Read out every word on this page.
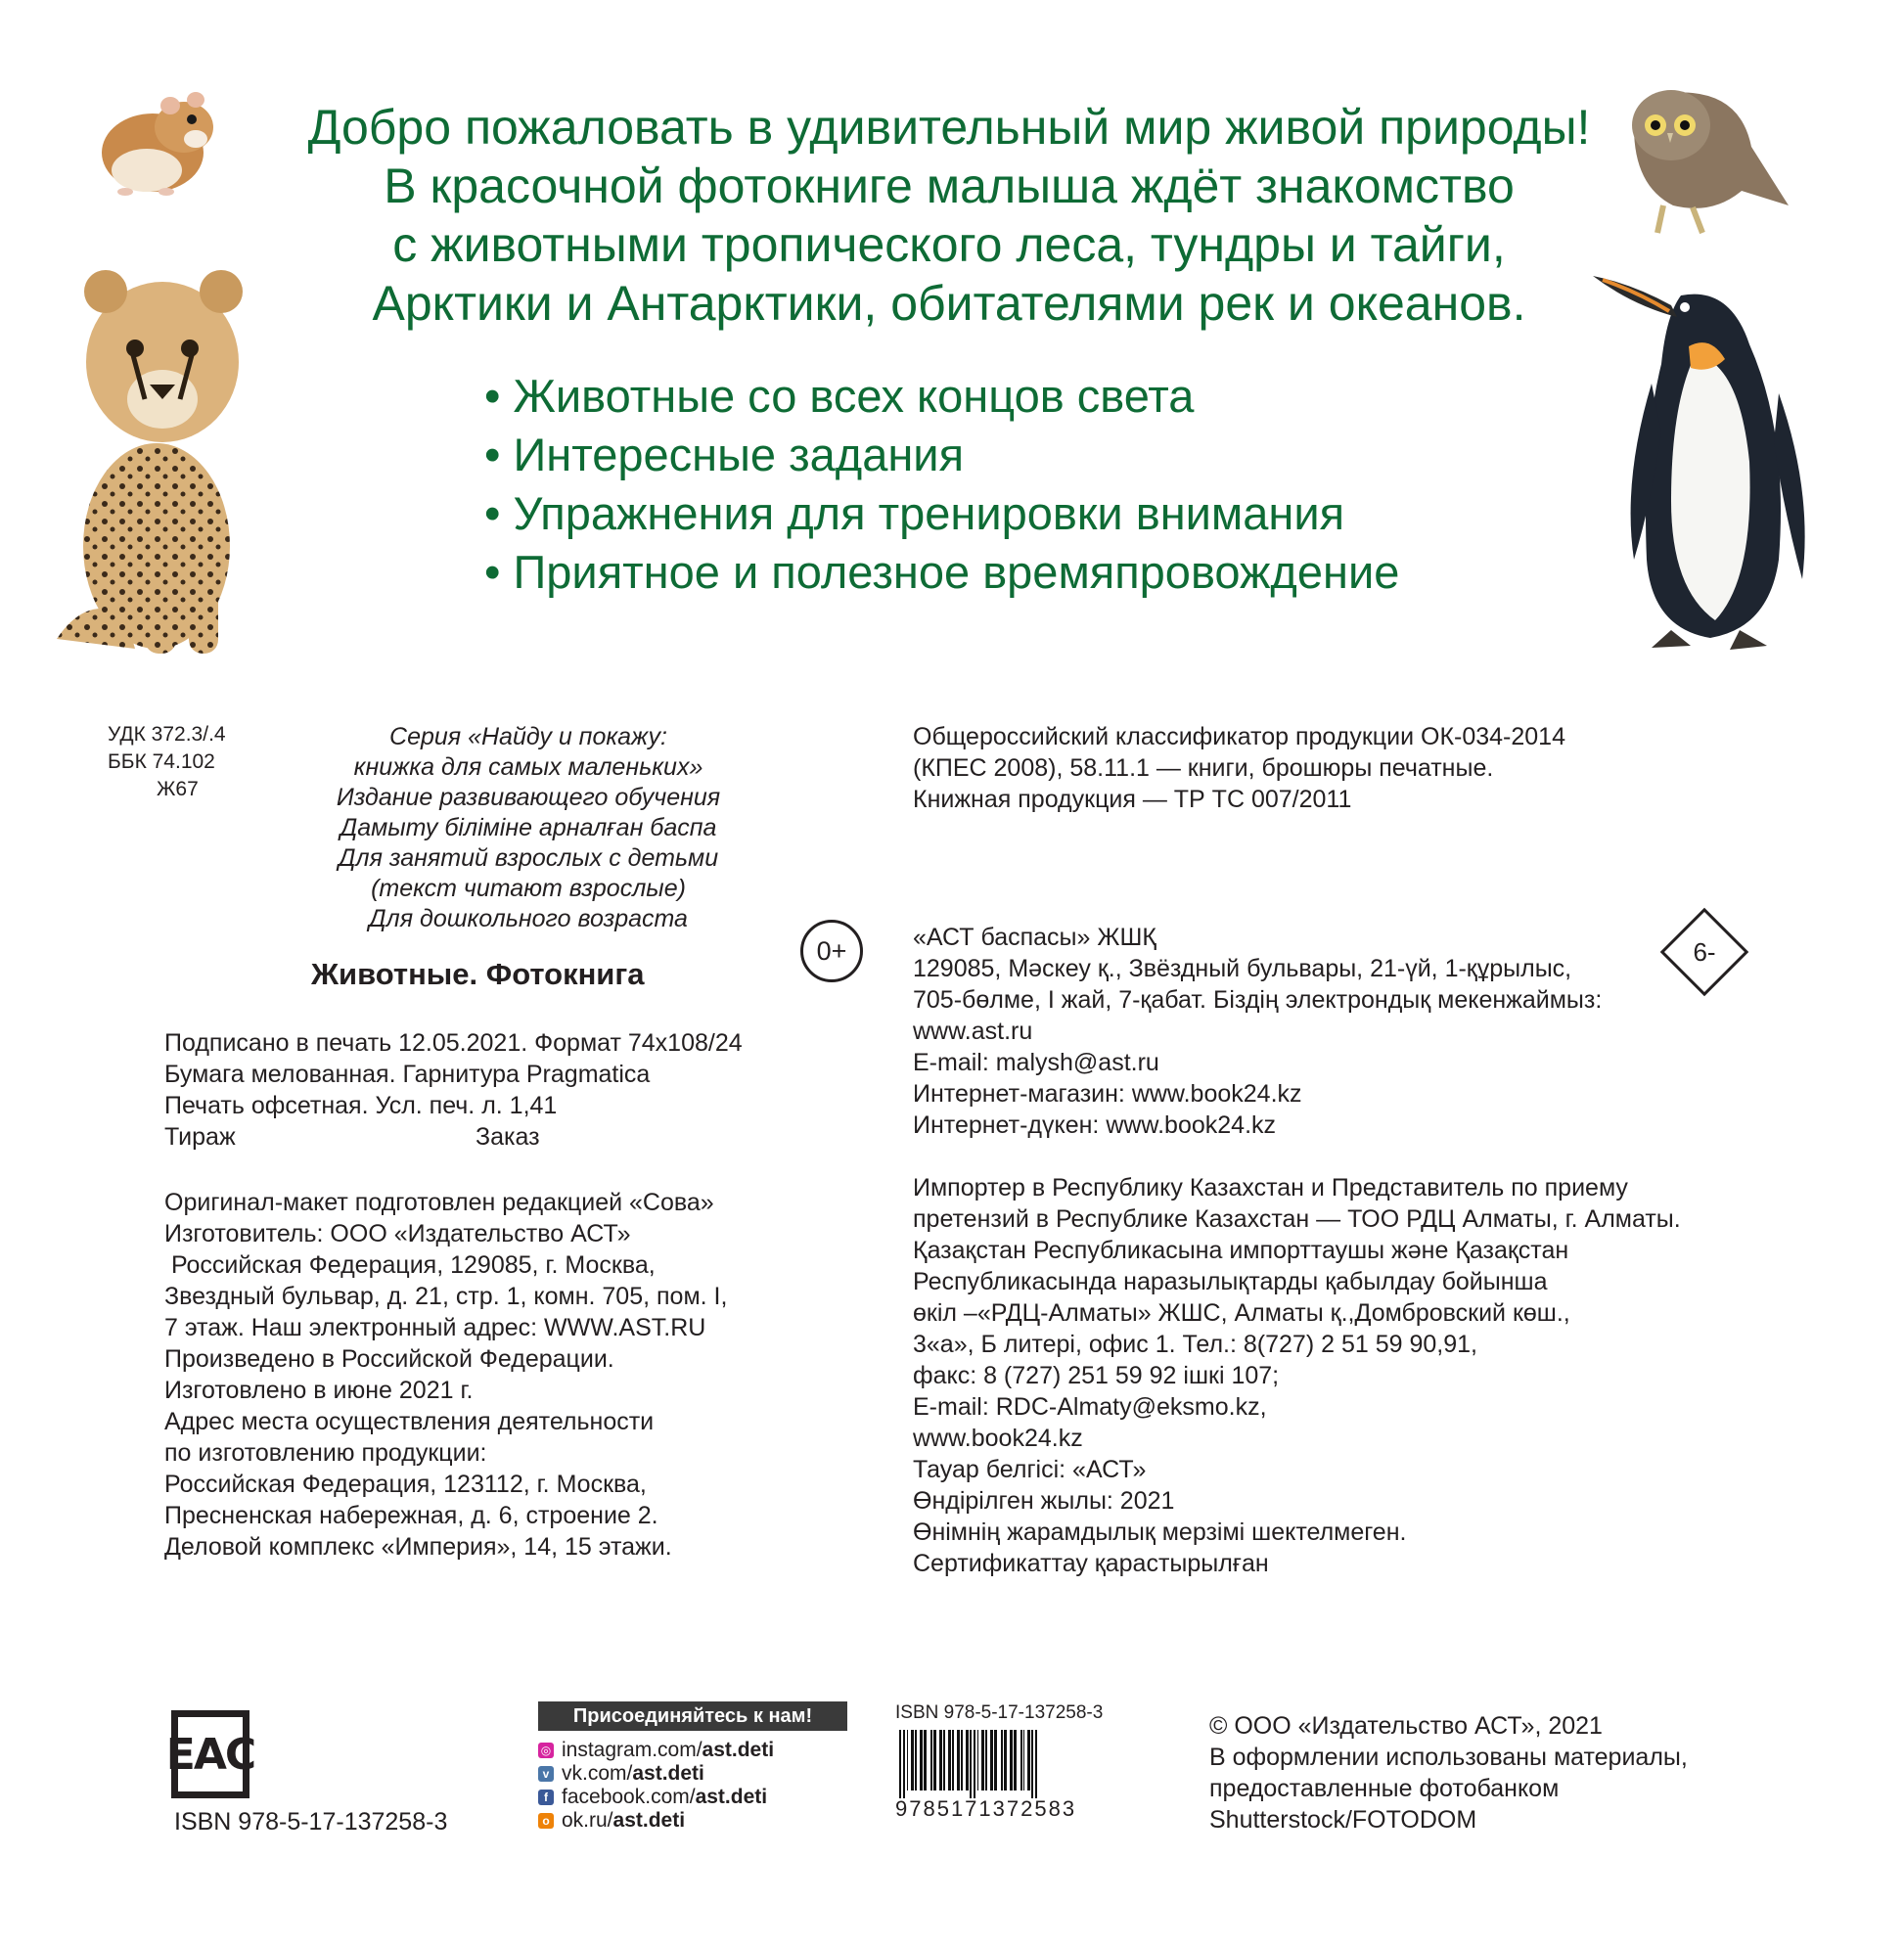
Добро пожаловать в удивительный мир живой природы!
В красочной фотокниге малыша ждёт знакомство
с животными тропического леса, тундры и тайги,
Арктики и Антарктики, обитателями рек и океанов.
• Животные со всех концов света
• Интересные задания
• Упражнения для тренировки внимания
• Приятное и полезное времяпровождение
УДК 372.3/.4
ББК 74.102
Ж67
Серия «Найду и покажу:
книжка для самых маленьких»
Издание развивающего обучения
Дамыту біліміне арналған баспа
Для занятий взрослых с детьми
(текст читают взрослые)
Для дошкольного возраста
0+
Животные. Фотокнига
Подписано в печать 12.05.2021. Формат 74x108/24
Бумага мелованная. Гарнитура Pragmatica
Печать офсетная. Усл. печ. л. 1,41
Тираж	Заказ
Оригинал-макет подготовлен редакцией «Сова»
Изготовитель: ООО «Издательство АСТ»
Российская Федерация, 129085, г. Москва,
Звездный бульвар, д. 21, стр. 1, комн. 705, пом. I,
7 этаж. Наш электронный адрес: WWW.AST.RU
Произведено в Российской Федерации.
Изготовлено в июне 2021 г.
Адрес места осуществления деятельности
по изготовлению продукции:
Российская Федерация, 123112, г. Москва,
Пресненская набережная, д. 6, строение 2.
Деловой комплекс «Империя», 14, 15 этажи.
Общероссийский классификатор продукции ОК-034-2014
(КПЕС 2008), 58.11.1 — книги, брошюры печатные.
Книжная продукция — ТР ТС 007/2011
«АСТ баспасы» ЖШҚ
129085, Мәскеу қ., Звёздный бульвары, 21-үй, 1-құрылыс,
705-бөлме, I жай, 7-қабат. Біздің электрондық мекенжаймыз:
www.ast.ru
E-mail: malysh@ast.ru
Интернет-магазин: www.book24.kz
Интернет-дүкен: www.book24.kz
6-
Импортер в Республику Казахстан и Представитель по приему
претензий в Республике Казахстан — ТОО РДЦ Алматы, г. Алматы.
Қазақстан Республикасына импорттаушы және Қазақстан
Республикасында наразылықтарды қабылдау бойынша
өкіл –«РДЦ-Алматы» ЖШС, Алматы қ.,Домбровский көш.,
3«а», Б литері, офис 1. Тел.: 8(727) 2 51 59 90,91,
факс: 8 (727) 251 59 92 ішкі 107;
E-mail: RDC-Almaty@eksmo.kz,
www.book24.kz
Тауар белгісі: «АСТ»
Өндірілген жылы: 2021
Өнімнің жарамдылық мерзімі шектелмеген.
Сертификаттау қарастырылған
EAC
ISBN 978-5-17-137258-3
Присоединяйтесь к нам!
◎ instagram.com/ ast.deti
v vk.com/ ast.deti
f facebook.com/ ast.deti
o ok.ru/ ast.deti
ISBN 978-5-17-137258-3
9785171372583
© ООО «Издательство АСТ», 2021
В оформлении использованы материалы,
предоставленные фотобанком
Shutterstock/FOTODOM
